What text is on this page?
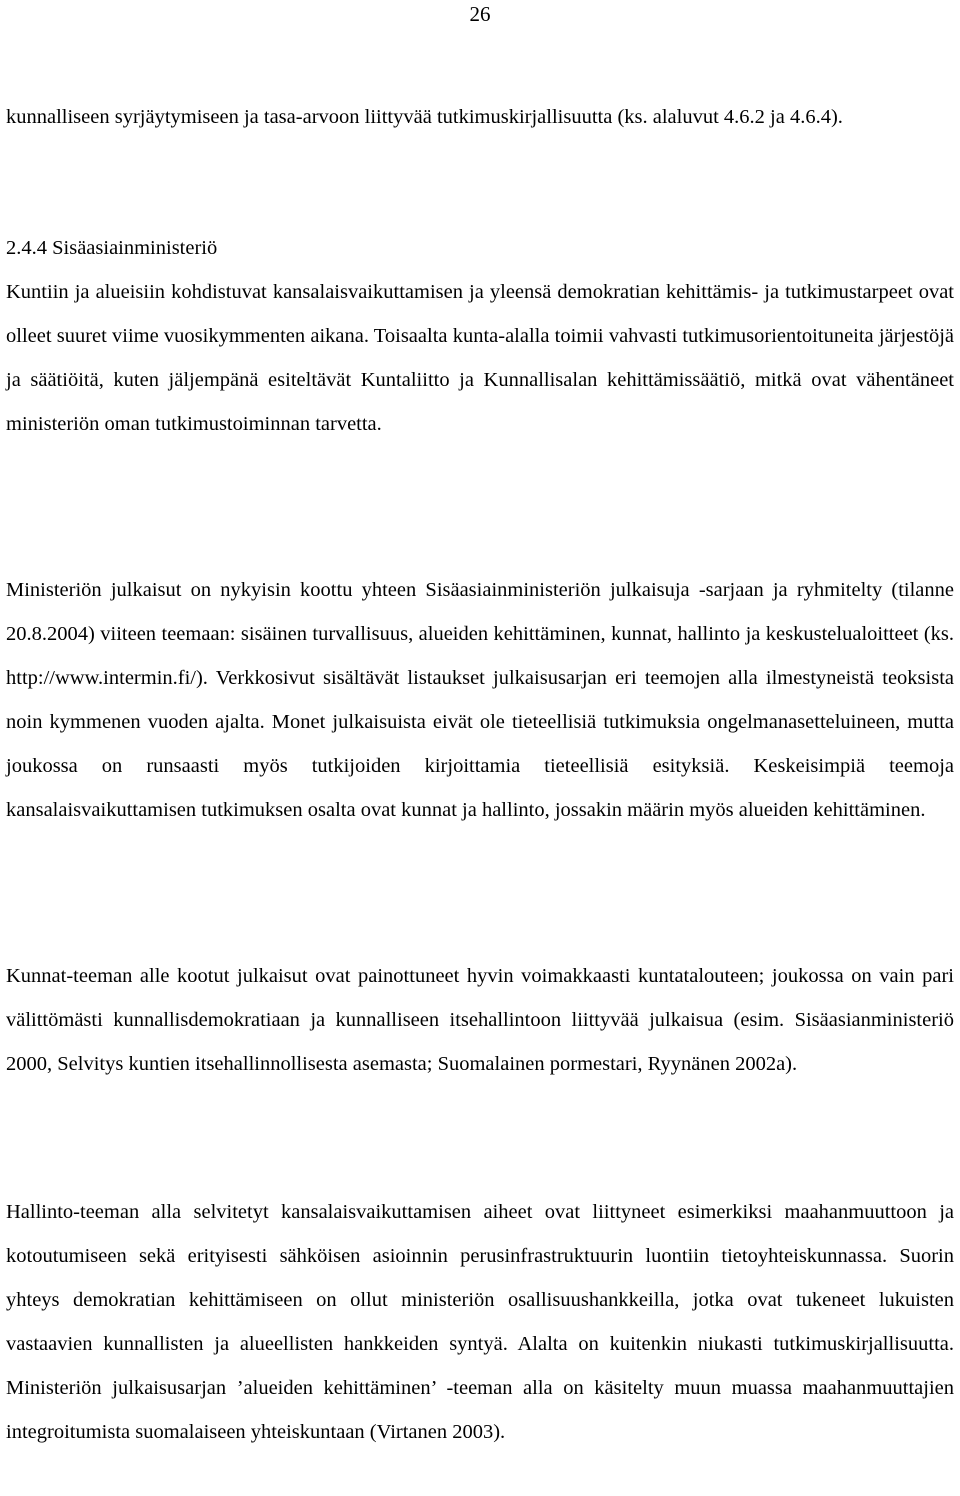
26

kunnalliseen syrjäytymiseen ja tasa-arvoon liittyvää tutkimuskirjallisuutta (ks. alaluvut 4.6.2 ja 4.6.4).

2.4.4 Sisäasiainministeriö

Kuntiin ja alueisiin kohdistuvat kansalaisvaikuttamisen ja yleensä demokratian kehittämis- ja tutkimustarpeet ovat olleet suuret viime vuosikymmenten aikana. Toisaalta kunta-alalla toimii vahvasti tutkimusorientoituneita järjestöjä ja säätiöitä, kuten jäljempänä esiteltävät Kuntaliitto ja Kunnallisalan kehittämissäätiö, mitkä ovat vähentäneet ministeriön oman tutkimustoiminnan tarvetta.

Ministeriön julkaisut on nykyisin koottu yhteen Sisäasiainministeriön julkaisuja -sarjaan ja ryhmitelty (tilanne 20.8.2004) viiteen teemaan: sisäinen turvallisuus, alueiden kehittäminen, kunnat, hallinto ja keskustelualoitteet (ks. http://www.intermin.fi/). Verkkosivut sisältävät listaukset julkaisusarjan eri teemojen alla ilmestyneistä teoksista noin kymmenen vuoden ajalta. Monet julkaisuista eivät ole tieteellisiä tutkimuksia ongelmanasetteluineen, mutta joukossa on runsaasti myös tutkijoiden kirjoittamia tieteellisiä esityksiä. Keskeisimpiä teemoja kansalaisvaikuttamisen tutkimuksen osalta ovat kunnat ja hallinto, jossakin määrin myös alueiden kehittäminen.

Kunnat-teeman alle kootut julkaisut ovat painottuneet hyvin voimakkaasti kuntatalouteen; joukossa on vain pari välittömästi kunnallisdemokratiaan ja kunnalliseen itsehallintoon liittyvää julkaisua (esim. Sisäasianministeriö 2000, Selvitys kuntien itsehallinnollisesta asemasta; Suomalainen pormestari, Ryynänen 2002a).

Hallinto-teeman alla selvitetyt kansalaisvaikuttamisen aiheet ovat liittyneet esimerkiksi maahanmuuttoon ja kotoutumiseen sekä erityisesti sähköisen asioinnin perusinfrastruktuurin luontiin tietoyhteiskunnassa. Suorin yhteys demokratian kehittämiseen on ollut ministeriön osallisuushankkeilla, jotka ovat tukeneet lukuisten vastaavien kunnallisten ja alueellisten hankkeiden syntyä. Alalta on kuitenkin niukasti tutkimuskirjallisuutta. Ministeriön julkaisusarjan ’alueiden kehittäminen’ -teeman alla on käsitelty muun muassa maahanmuuttajien integroitumista suomalaiseen yhteiskuntaan (Virtanen 2003).
